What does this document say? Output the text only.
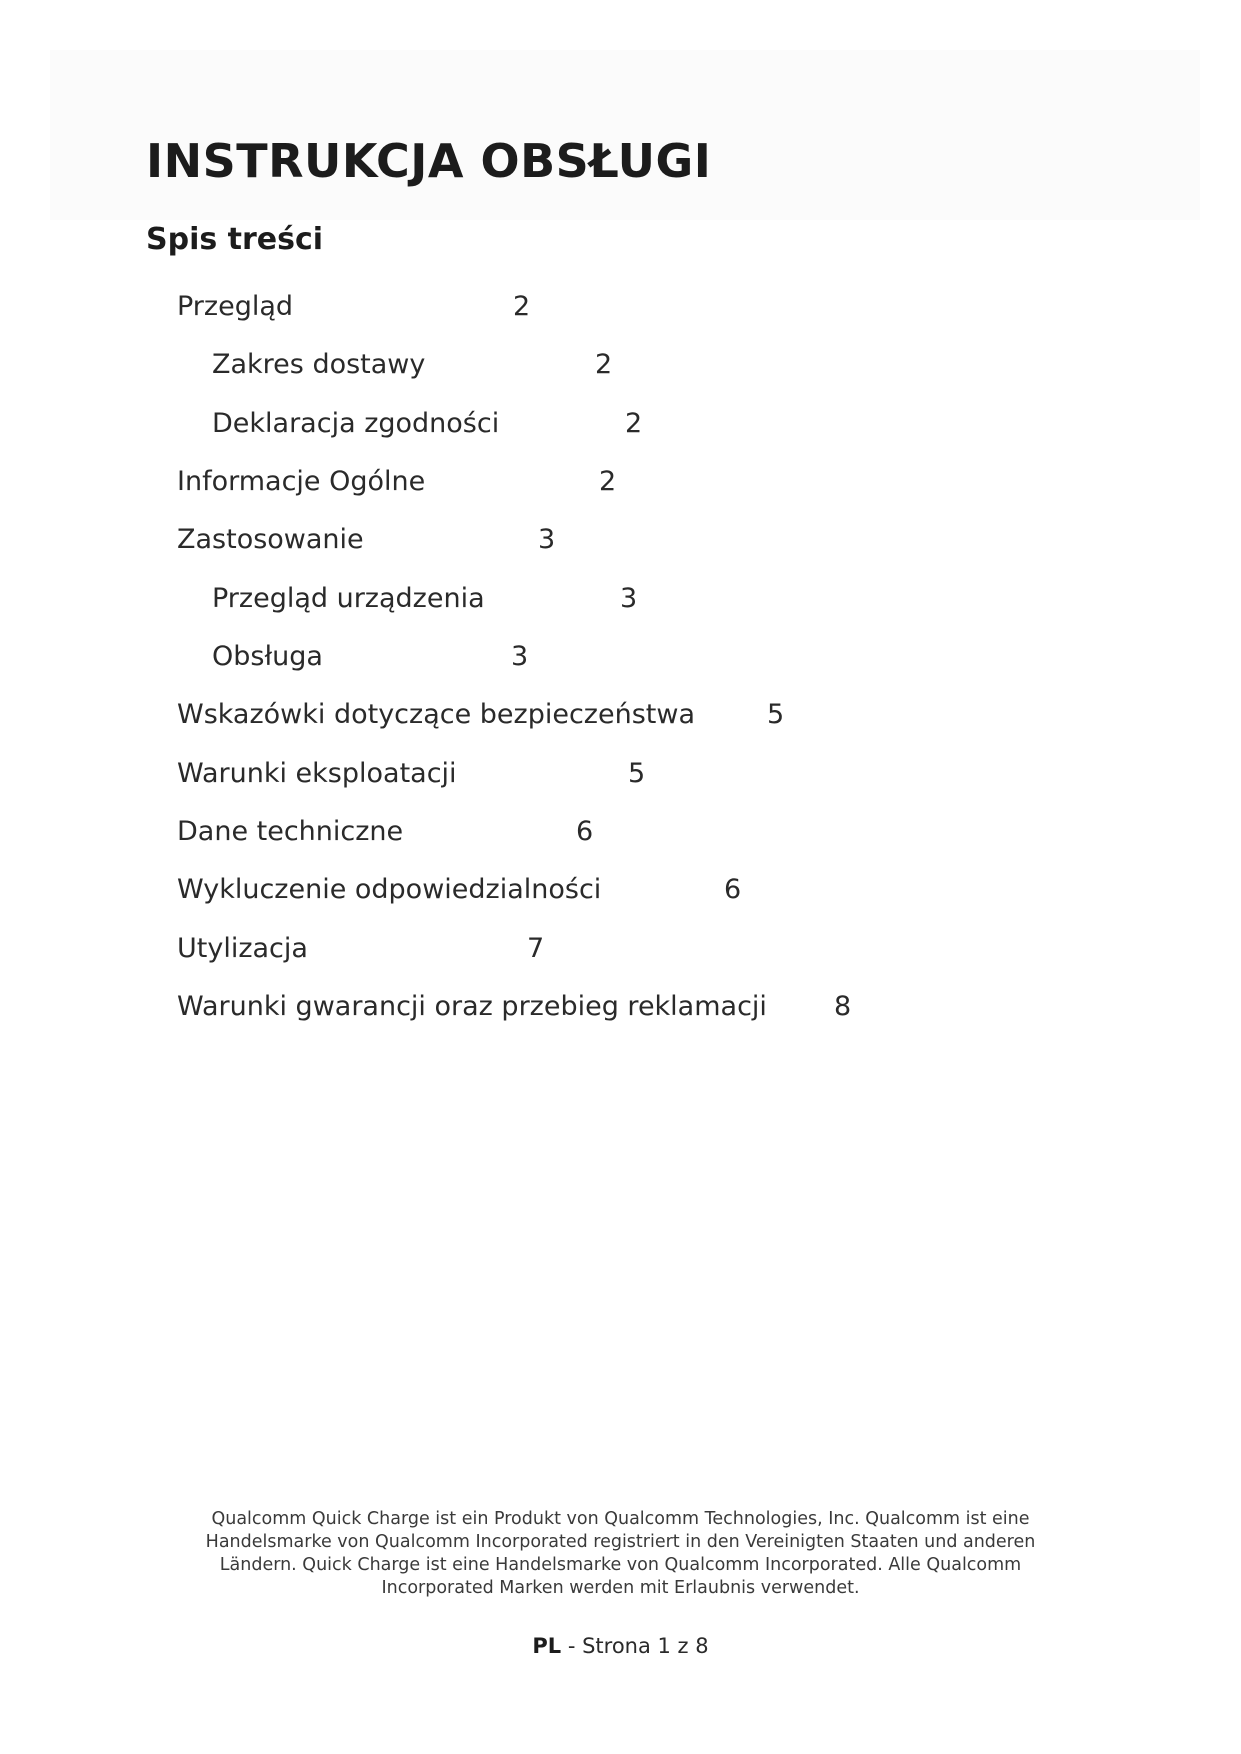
INSTRUKCJA OBSŁUGI
Spis treści
Przegląd	2
Zakres dostawy	2
Deklaracja zgodności	2
Informacje Ogólne	2
Zastosowanie	3
Przegląd urządzenia	3
Obsługa	3
Wskazówki dotyczące bezpieczeństwa	5
Warunki eksploatacji	5
Dane techniczne	6
Wykluczenie odpowiedzialności	6
Utylizacja	7
Warunki gwarancji oraz przebieg reklamacji 8

Qualcomm Quick Charge ist ein Produkt von Qualcomm Technologies, Inc. Qualcomm ist eine Handelsmarke von Qualcomm Incorporated registriert in den Vereinigten Staaten und anderen Ländern. Quick Charge ist eine Handelsmarke von Qualcomm Incorporated. Alle Qualcomm Incorporated Marken werden mit Erlaubnis verwendet.

PL - Strona 1 z 8
